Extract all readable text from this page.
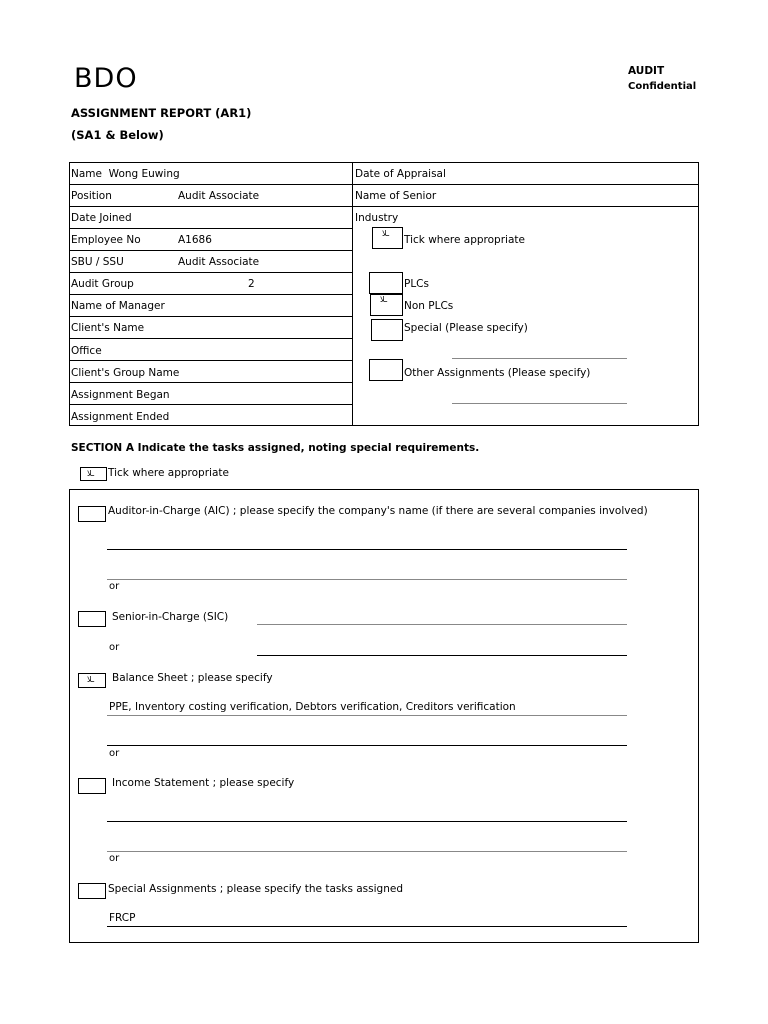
BDO	AUDIT
Confidential
ASSIGNMENT REPORT (AR1)
(SA1 & Below)
Name Wong Euwing
Position	Audit Associate
Date Joined
Employee No	A1686
SBU / SSU	Audit Associate
Audit Group	2
Name of Manager
Client's Name
Office
Client's Group Name
Assignment Began
Assignment Ended
Date of Appraisal
Name of Senior
Industry
ـلا
Tick where appropriate
PLCs
ـلا
Non PLCs
Special (Please specify)
Other Assignments (Please specify)
SECTION A Indicate the tasks assigned, noting special requirements.
ـلا Tick where appropriate
Auditor-in-Charge (AIC) ; please specify the company's name (if there are several companies involved)
or
Senior-in-Charge (SIC)
or
ـلا Balance Sheet ; please specify
PPE, Inventory costing verification, Debtors verification, Creditors verification
or
Income Statement ; please specify
or
Special Assignments ; please specify the tasks assigned
FRCP
